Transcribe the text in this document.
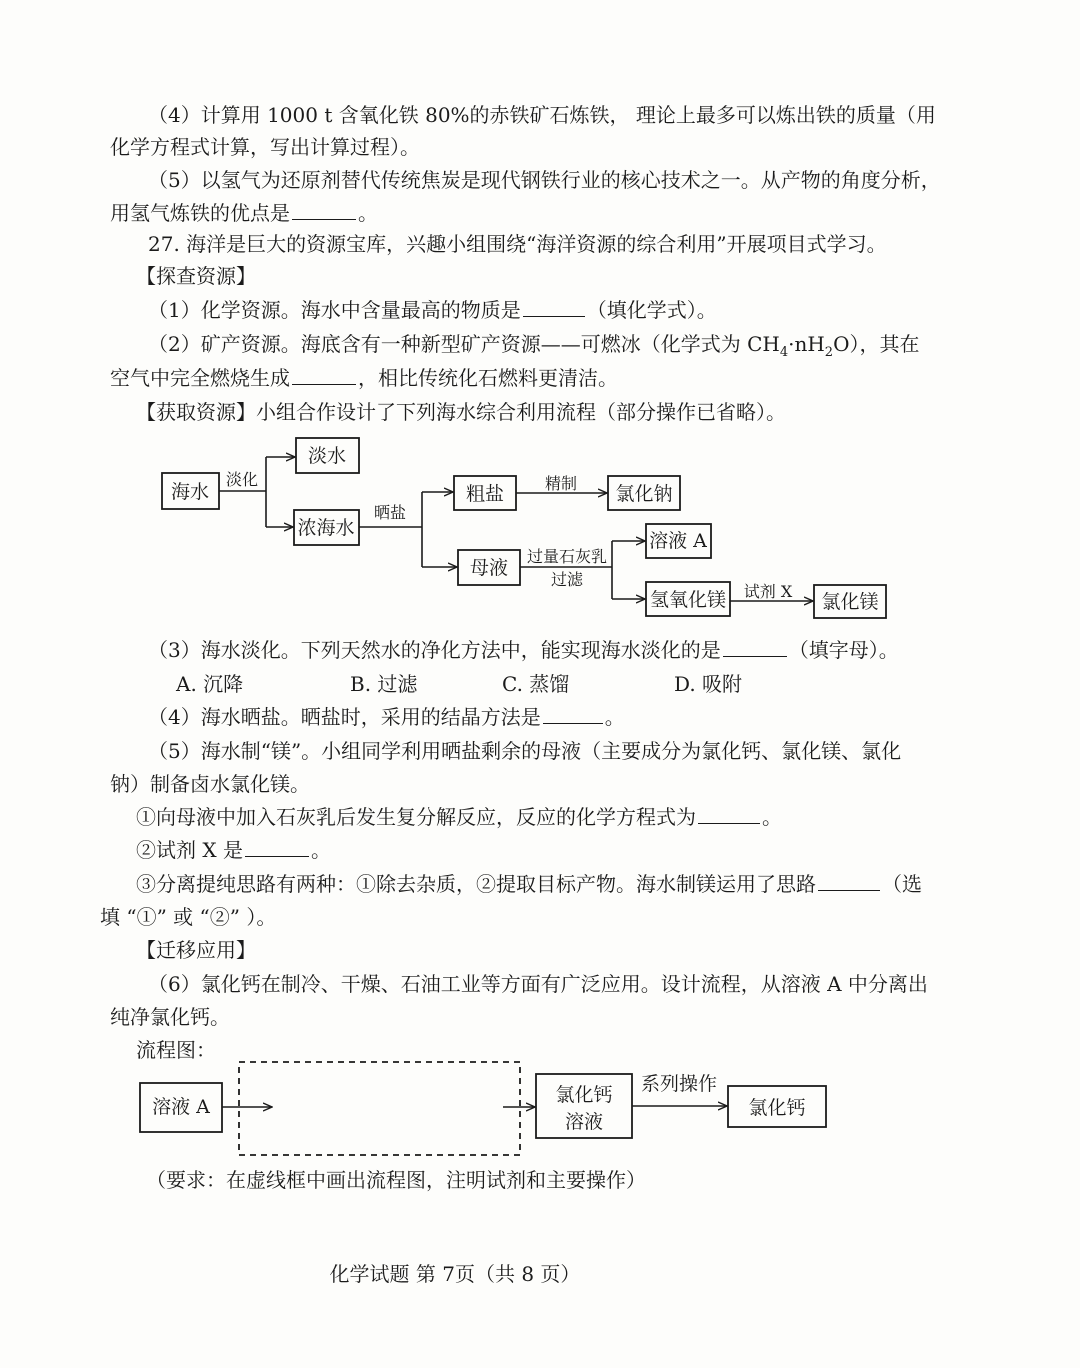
（4）计算用 1000 t 含氧化铁 80%的赤铁矿石炼铁， 理论上最多可以炼出铁的质量（用
化学方程式计算，写出计算过程）。
（5）以氢气为还原剂替代传统焦炭是现代钢铁行业的核心技术之一。从产物的角度分析，
用氢气炼铁的优点是	。
27. 海洋是巨大的资源宝库，兴趣小组围绕“海洋资源的综合利用”开展项目式学习。
【探查资源】
（1）化学资源。海水中含量最高的物质是	（填化学式）。
（2）矿产资源。海底含有一种新型矿产资源——可燃冰（化学式为 $CH_4\cdot nH_2O$），其在
空气中完全燃烧生成	，相比传统化石燃料更清洁。
【获取资源】小组合作设计了下列海水综合利用流程（部分操作已省略）。
海水
淡化
淡水
浓海水
晒盐
粗盐	精制 氯化钠
母液
过量石灰乳
过滤
溶液 A
氢氧化镁 试剂 X 氯化镁
溶液 A
氯化钙
溶液
系列操作
氯化钙
（3）海水淡化。下列天然水的净化方法中，能实现海水淡化的是	（填字母）。
A. 沉降	B. 过滤	C. 蒸馏	D. 吸附
（4）海水晒盐。晒盐时，采用的结晶方法是	。
（5）海水制“镁”。小组同学利用晒盐剩余的母液（主要成分为氯化钙、氯化镁、氯化
钠）制备卤水氯化镁。
①向母液中加入石灰乳后发生复分解反应，反应的化学方程式为	。
②试剂 X 是	。
③分离提纯思路有两种：①除去杂质，②提取目标产物。海水制镁运用了思路	（选
填 “①” 或 “②” ）。
【迁移应用】
（6）氯化钙在制冷、干燥、石油工业等方面有广泛应用。设计流程，从溶液 A 中分离出
纯净氯化钙。
流程图：
（要求：在虚线框中画出流程图，注明试剂和主要操作）
化学试题 第 7页（共 8 页）
